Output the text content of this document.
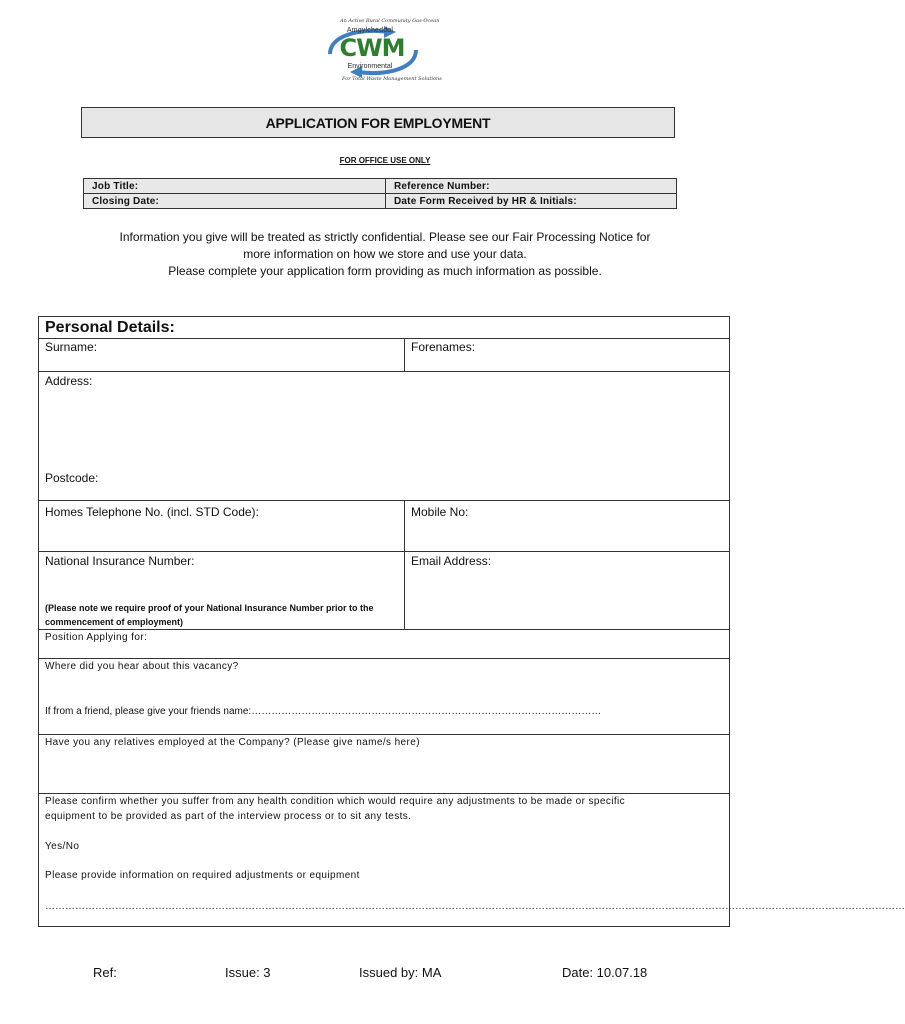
An Active Rural Community Gas-Ocean
Amgylcheddol
CWM
Environmental
For Total Waste Management Solutions
APPLICATION FOR EMPLOYMENT
FOR OFFICE USE ONLY
Job Title:	Reference Number:
Closing Date:	Date Form Received by HR & Initials:
Information you give will be treated as strictly confidential. Please see our Fair Processing Notice for
more information on how we store and use your data.
Please complete your application form providing as much information as possible.
Personal Details:
Surname:	Forenames:
Address:
Postcode:
Homes Telephone No. (incl. STD Code):	Mobile No:
National Insurance Number:	Email Address:
(Please note we require proof of your National Insurance Number prior to the commencement of employment)
Position Applying for:
Where did you hear about this vacancy?
If from a friend, please give your friends name:……………………………………………………………………………………………
Have you any relatives employed at the Company? (Please give name/s here)
Please confirm whether you suffer from any health condition which would require any adjustments to be made or specific
equipment to be provided as part of the interview process or to sit any tests.
Yes/No
Please provide information on required adjustments or equipment
……………………………………………………………………………………………………………………………………………………………………………………………………………………………………
Ref:	Issue: 3	Issued by: MA	Date: 10.07.18
